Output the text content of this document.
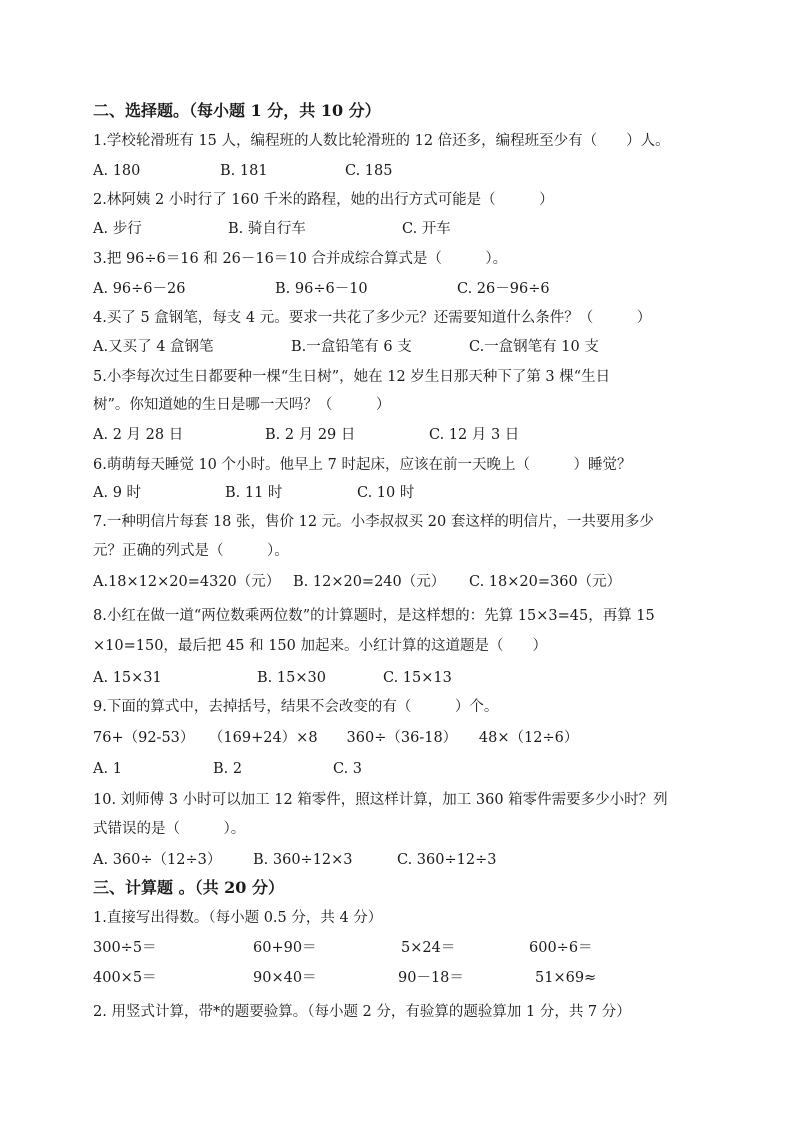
二、选择题。（每小题 1 分，共 10 分）
1.学校轮滑班有 15 人，编程班的人数比轮滑班的 12 倍还多，编程班至少有（　　）人。
A. 180	B. 181	C. 185
2.林阿姨 2 小时行了 160 千米的路程，她的出行方式可能是（　　　）
A. 步行	B. 骑自行车	C. 开车
3.把 96÷6＝16 和 26－16＝10 合并成综合算式是（　　　）。
A. 96÷6－26	B. 96÷6－10	C. 26－96÷6
4.买了 5 盒钢笔，每支 4 元。要求一共花了多少元？还需要知道什么条件？（　　　）
A.又买了 4 盒钢笔	B.一盒铅笔有 6 支	C.一盒钢笔有 10 支
5.小李每次过生日都要种一棵“生日树”，她在 12 岁生日那天种下了第 3 棵“生日
树”。你知道她的生日是哪一天吗？（　　　）
A. 2 月 28 日	B. 2 月 29 日	C. 12 月 3 日
6.萌萌每天睡觉 10 个小时。他早上 7 时起床，应该在前一天晚上（　　　）睡觉？
A. 9 时	B. 11 时	C. 10 时
7.一种明信片每套 18 张，售价 12 元。小李叔叔买 20 套这样的明信片，一共要用多少
元？正确的列式是（　　　）。
A.18×12×20=4320（元） B. 12×20=240（元） C. 18×20=360（元）
8.小红在做一道“两位数乘两位数”的计算题时，是这样想的：先算 15×3=45，再算 15
×10=150，最后把 45 和 150 加起来。小红计算的这道题是（　　）
A. 15×31	B. 15×30	C. 15×13
9.下面的算式中，去掉括号，结果不会改变的有（　　　）个。
76+（92-53）　　（169+24）×8　　360÷（36-18）　　48×（12÷6）
A. 1	B. 2	C. 3
10. 刘师傅 3 小时可以加工 12 箱零件，照这样计算，加工 360 箱零件需要多少小时？列
式错误的是（　　　）。
A. 360÷（12÷3） B. 360÷12×3	C. 360÷12÷3
三、计算题 。（共 20 分）
1.直接写出得数。（每小题 0.5 分，共 4 分）
300÷5＝	60+90＝	5×24＝	600÷6＝
400×5＝	90×40＝	90－18＝	51×69≈
2. 用竖式计算，带*的题要验算。（每小题 2 分，有验算的题验算加 1 分，共 7 分）
